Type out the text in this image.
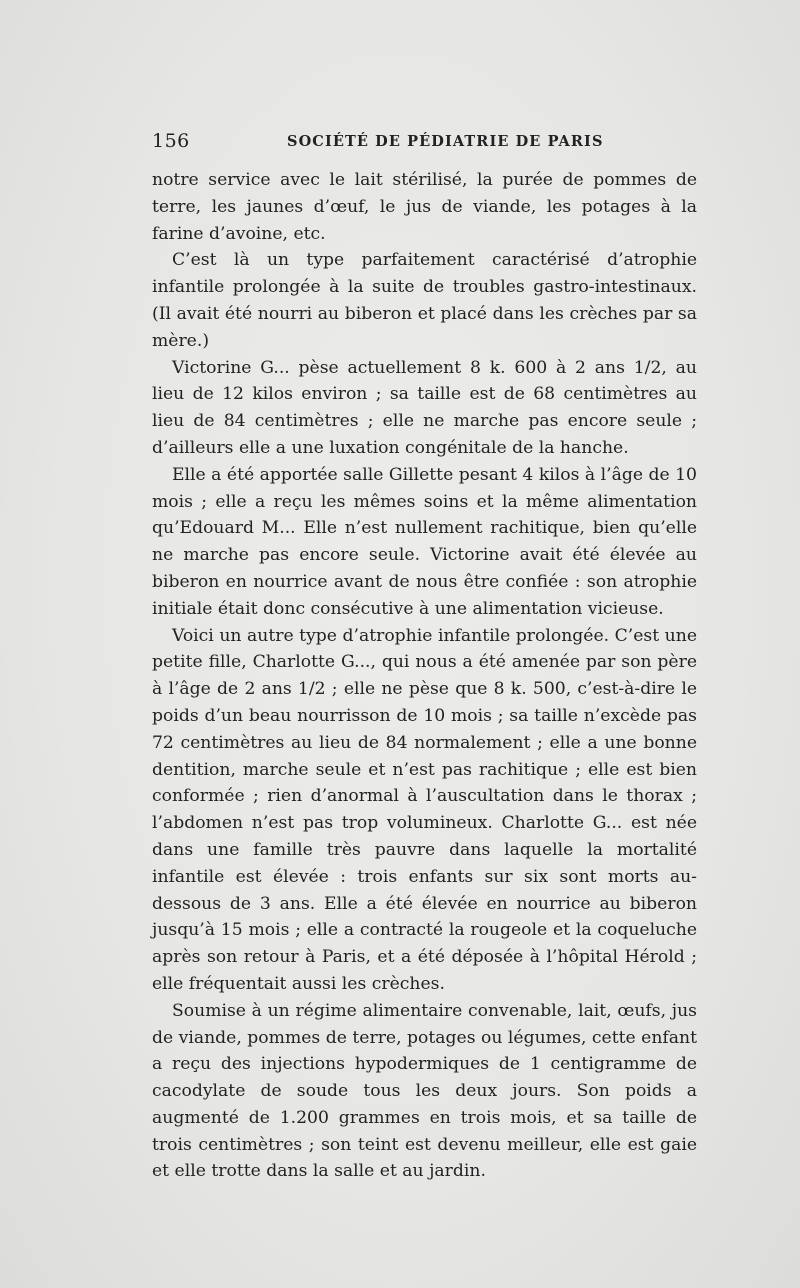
156	SOCIÉTÉ DE PÉDIATRIE DE PARIS

notre service avec le lait stérilisé, la purée de pommes de terre, les jaunes d’œuf, le jus de viande, les potages à la farine d’avoine, etc.

C’est là un type parfaitement caractérisé d’atrophie infantile prolongée à la suite de troubles gastro-intestinaux. (Il avait été nourri au biberon et placé dans les crèches par sa mère.)

Victorine G... pèse actuellement 8 k. 600 à 2 ans 1/2, au lieu de 12 kilos environ ; sa taille est de 68 centimètres au lieu de 84 centimètres ; elle ne marche pas encore seule ; d’ailleurs elle a une luxation congénitale de la hanche.

Elle a été apportée salle Gillette pesant 4 kilos à l’âge de 10 mois ; elle a reçu les mêmes soins et la même alimentation qu’Edouard M... Elle n’est nullement rachitique, bien qu’elle ne marche pas encore seule. Victorine avait été élevée au biberon en nourrice avant de nous être confiée : son atrophie initiale était donc consécutive à une alimentation vicieuse.

Voici un autre type d’atrophie infantile prolongée. C’est une petite fille, Charlotte G..., qui nous a été amenée par son père à l’âge de 2 ans 1/2 ; elle ne pèse que 8 k. 500, c’est-à-dire le poids d’un beau nourrisson de 10 mois ; sa taille n’excède pas 72 centimètres au lieu de 84 normalement ; elle a une bonne dentition, marche seule et n’est pas rachitique ; elle est bien conformée ; rien d’anormal à l’auscultation dans le thorax ; l’abdomen n’est pas trop volumineux. Charlotte G... est née dans une famille très pauvre dans laquelle la mortalité infantile est élevée : trois enfants sur six sont morts au-dessous de 3 ans. Elle a été élevée en nourrice au biberon jusqu’à 15 mois ; elle a contracté la rougeole et la coqueluche après son retour à Paris, et a été déposée à l’hôpital Hérold ; elle fréquentait aussi les crèches.

Soumise à un régime alimentaire convenable, lait, œufs, jus de viande, pommes de terre, potages ou légumes, cette enfant a reçu des injections hypodermiques de 1 centigramme de cacodylate de soude tous les deux jours. Son poids a augmenté de 1.200 grammes en trois mois, et sa taille de trois centimètres ; son teint est devenu meilleur, elle est gaie et elle trotte dans la salle et au jardin.
